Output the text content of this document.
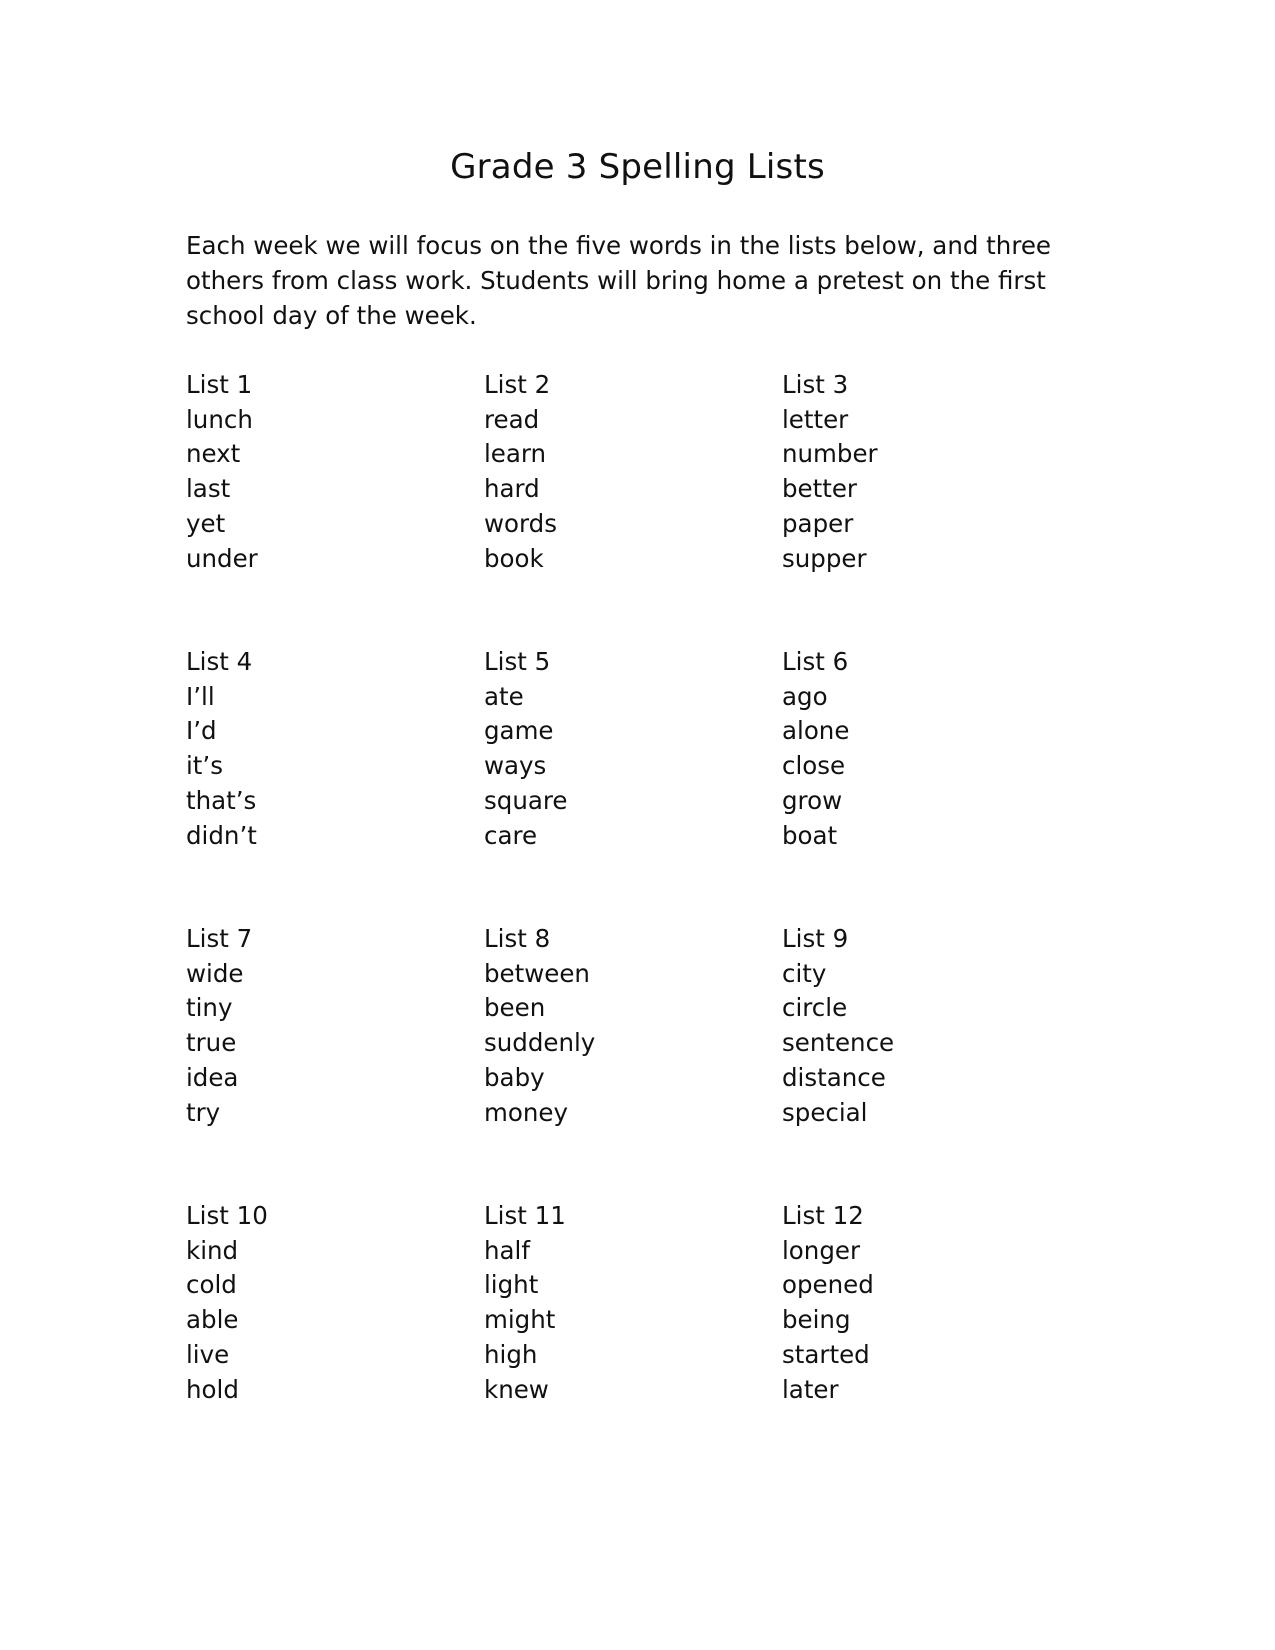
Grade 3 Spelling Lists
Each week we will focus on the five words in the lists below, and three
others from class work. Students will bring home a pretest on the first
school day of the week.
List 1
lunch
next
last
yet
under
List 2
read
learn
hard
words
book
List 3
letter
number
better
paper
supper
List 4
I’ll
I’d
it’s
that’s
didn’t
List 5
ate
game
ways
square
care
List 6
ago
alone
close
grow
boat
List 7
wide
tiny
true
idea
try
List 8
between
been
suddenly
baby
money
List 9
city
circle
sentence
distance
special
List 10
kind
cold
able
live
hold
List 11
half
light
might
high
knew
List 12
longer
opened
being
started
later
